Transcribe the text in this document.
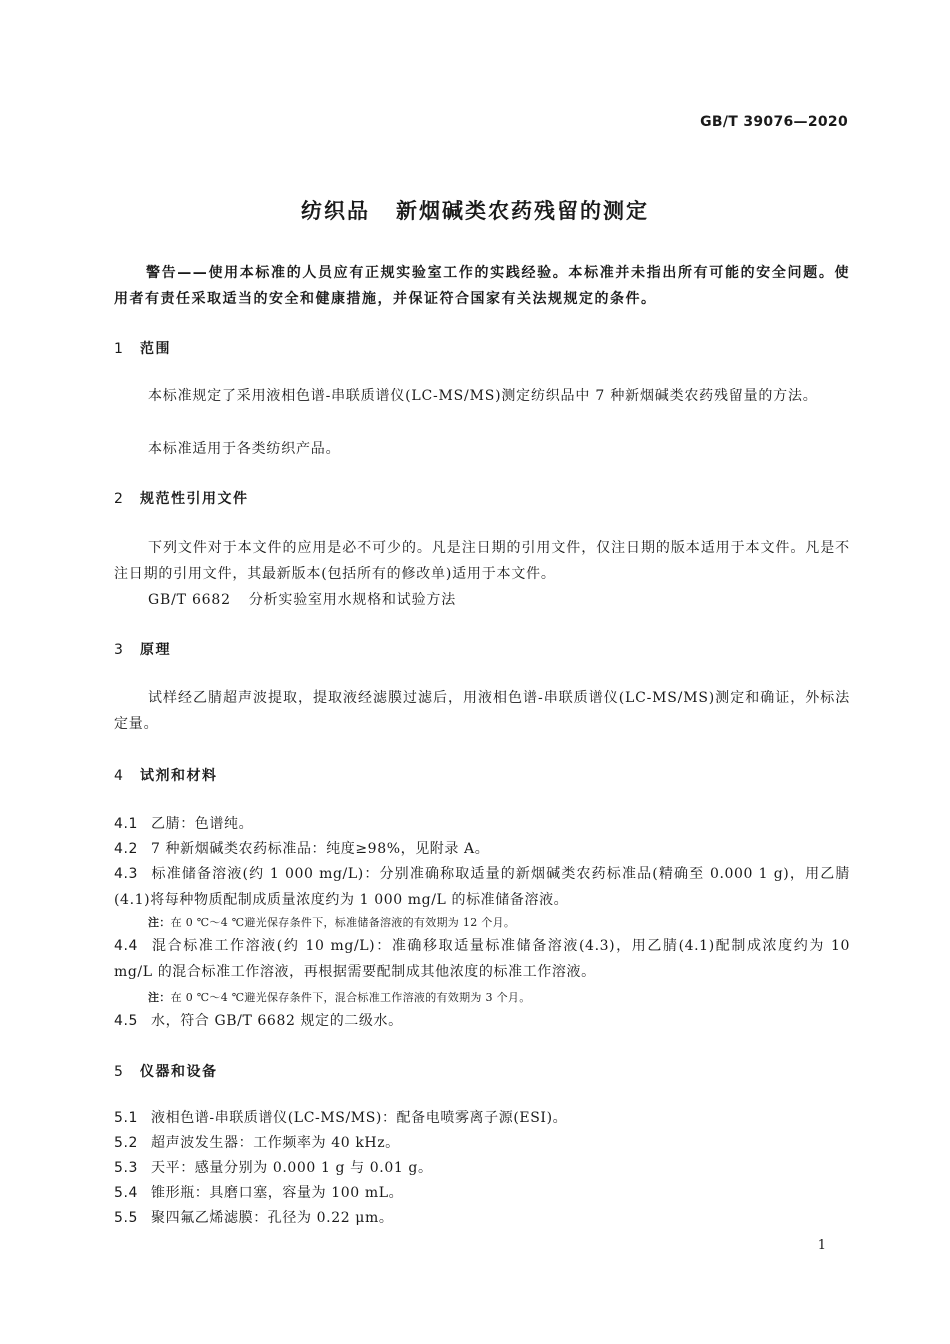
GB/T 39076—2020
纺织品 新烟碱类农药残留的测定
警告——使用本标准的人员应有正规实验室工作的实践经验。本标准并未指出所有可能的安全问题。使用者有责任采取适当的安全和健康措施，并保证符合国家有关法规规定的条件。
1 范围
本标准规定了采用液相色谱-串联质谱仪(LC-MS/MS)测定纺织品中 7 种新烟碱类农药残留量的方法。
本标准适用于各类纺织产品。
2 规范性引用文件
下列文件对于本文件的应用是必不可少的。凡是注日期的引用文件，仅注日期的版本适用于本文件。凡是不注日期的引用文件，其最新版本(包括所有的修改单)适用于本文件。
GB/T 6682 分析实验室用水规格和试验方法
3 原理
试样经乙腈超声波提取，提取液经滤膜过滤后，用液相色谱-串联质谱仪(LC-MS/MS)测定和确证，外标法定量。
4 试剂和材料
4.1 乙腈：色谱纯。
4.2 7 种新烟碱类农药标准品：纯度≥98%，见附录 A。
4.3 标准储备溶液(约 1 000 mg/L)：分别准确称取适量的新烟碱类农药标准品(精确至 0.000 1 g)，用乙腈(4.1)将每种物质配制成质量浓度约为 1 000 mg/L 的标准储备溶液。
注：在 0 ℃～4 ℃避光保存条件下，标准储备溶液的有效期为 12 个月。
4.4 混合标准工作溶液(约 10 mg/L)：准确移取适量标准储备溶液(4.3)，用乙腈(4.1)配制成浓度约为 10 mg/L 的混合标准工作溶液，再根据需要配制成其他浓度的标准工作溶液。
注：在 0 ℃～4 ℃避光保存条件下，混合标准工作溶液的有效期为 3 个月。
4.5 水，符合 GB/T 6682 规定的二级水。
5 仪器和设备
5.1 液相色谱-串联质谱仪(LC-MS/MS)：配备电喷雾离子源(ESI)。
5.2 超声波发生器：工作频率为 40 kHz。
5.3 天平：感量分别为 0.000 1 g 与 0.01 g。
5.4 锥形瓶：具磨口塞，容量为 100 mL。
5.5 聚四氟乙烯滤膜：孔径为 0.22 μm。
1
